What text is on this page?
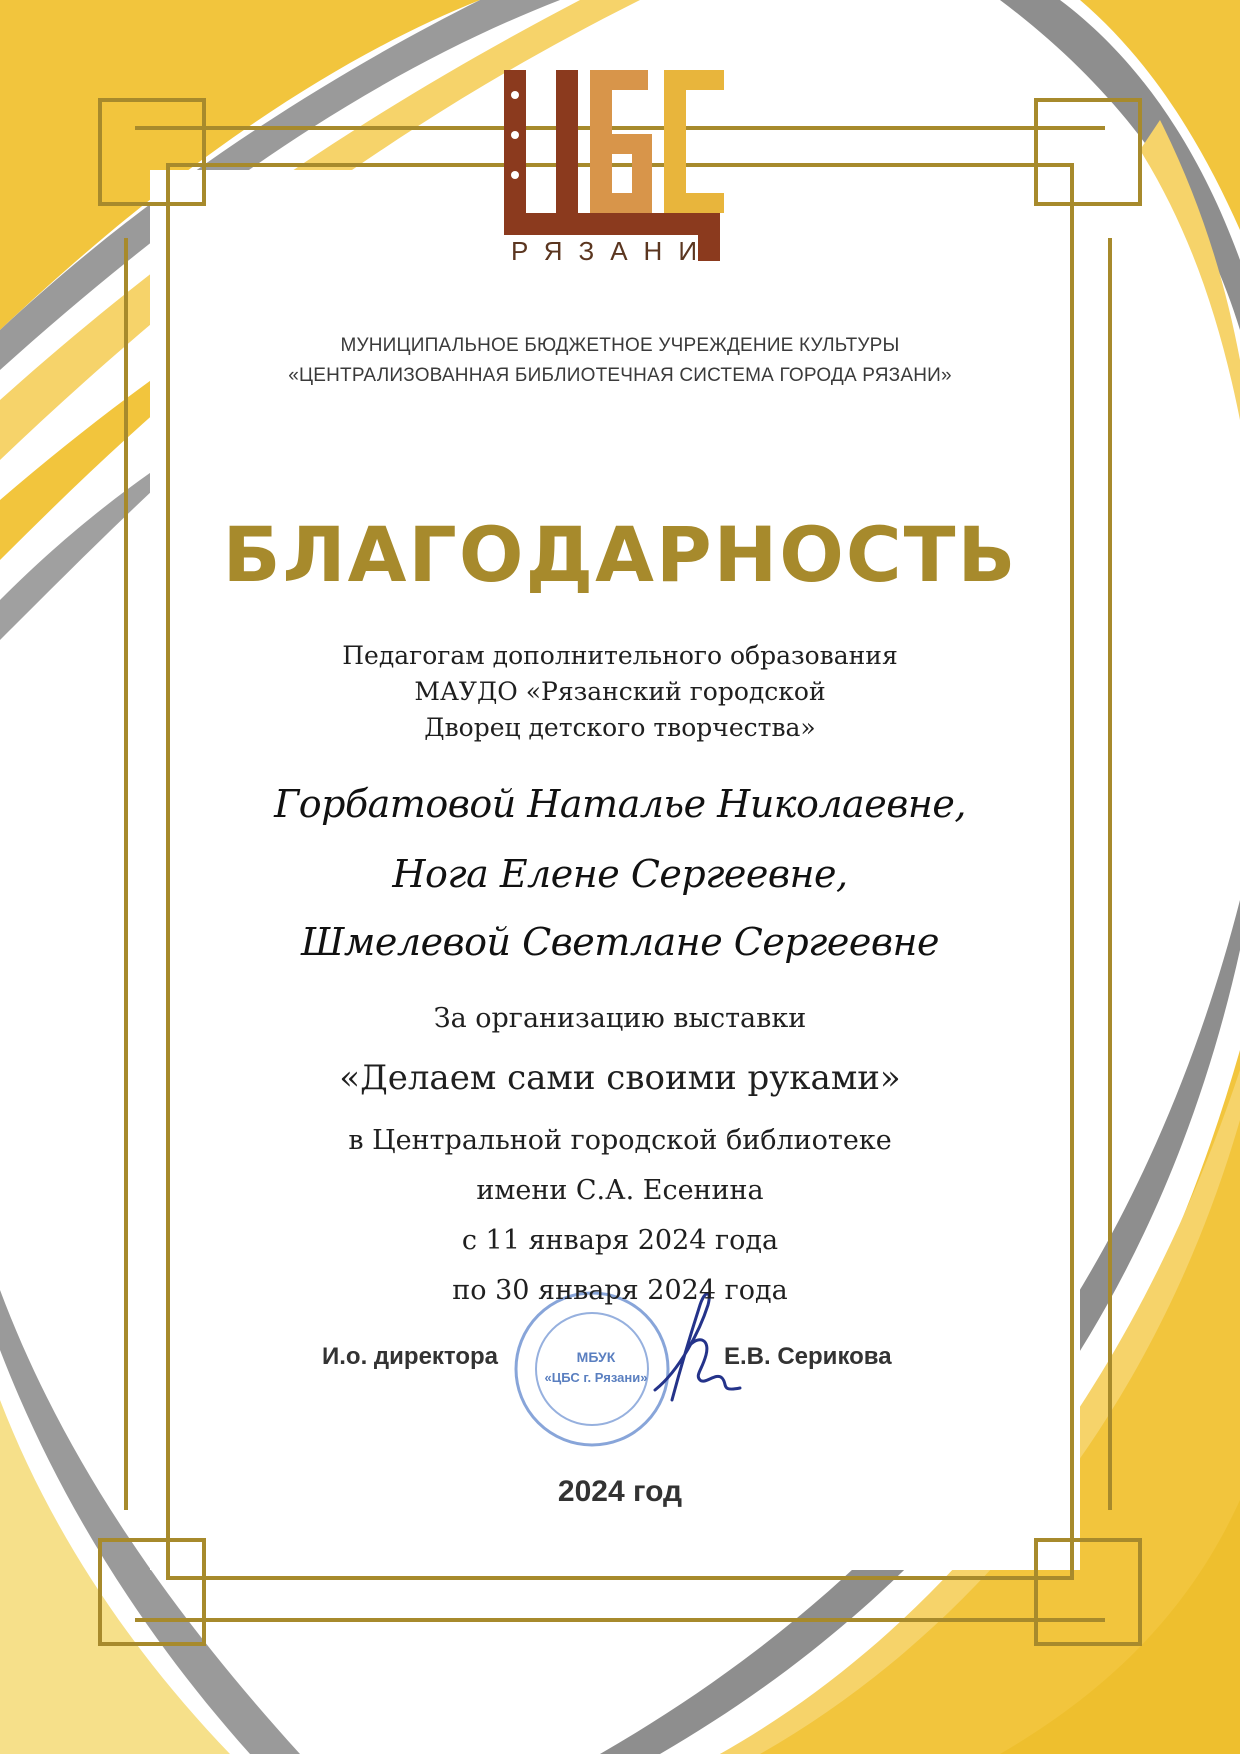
РЯЗАНИ
МБУК
«ЦБС г. Рязани»

МУНИЦИПАЛЬНОЕ БЮДЖЕТНОЕ УЧРЕЖДЕНИЕ КУЛЬТУРЫ

«ЦЕНТРАЛИЗОВАННАЯ БИБЛИОТЕЧНАЯ СИСТЕМА ГОРОДА РЯЗАНИ»

БЛАГОДАРНОСТЬ

Педагогам дополнительного образования

МАУДО «Рязанский городской

Дворец детского творчества»

Горбатовой Наталье Николаевне,

Нога Елене Сергеевне,

Шмелевой Светлане Сергеевне

За организацию выставки

«Делаем сами своими руками»

в Центральной городской библиотеке

имени С.А. Есенина

с 11 января 2024 года

по 30 января 2024 года

И.о. директора	Е.В. Серикова

2024 год
